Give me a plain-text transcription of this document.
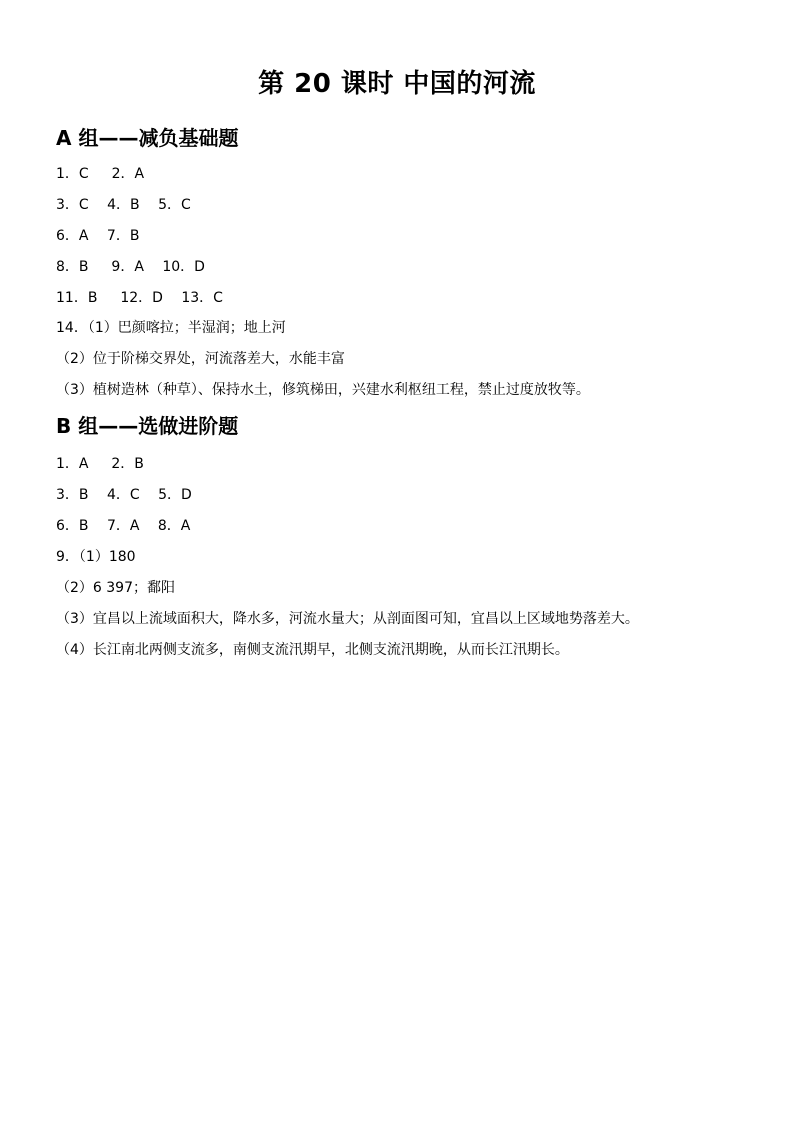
第 20 课时 中国的河流
A 组——减负基础题
1．C　  2．A
3．C　 4．B　 5．C
6．A　 7．B
8．B　  9．A　 10．D
11．B　  12．D　 13．C
14．（1）巴颜喀拉；半湿润；地上河
（2）位于阶梯交界处，河流落差大，水能丰富
（3）植树造林（种草）、保持水土，修筑梯田，兴建水利枢纽工程，禁止过度放牧等。
B 组——选做进阶题
1．A　  2．B
3．B　 4．C　 5．D
6．B　 7．A　 8．A
9．（1）180
（2）6 397；鄱阳
（3）宜昌以上流域面积大，降水多，河流水量大；从剖面图可知，宜昌以上区域地势落差大。
（4）长江南北两侧支流多，南侧支流汛期早，北侧支流汛期晚，从而长江汛期长。
